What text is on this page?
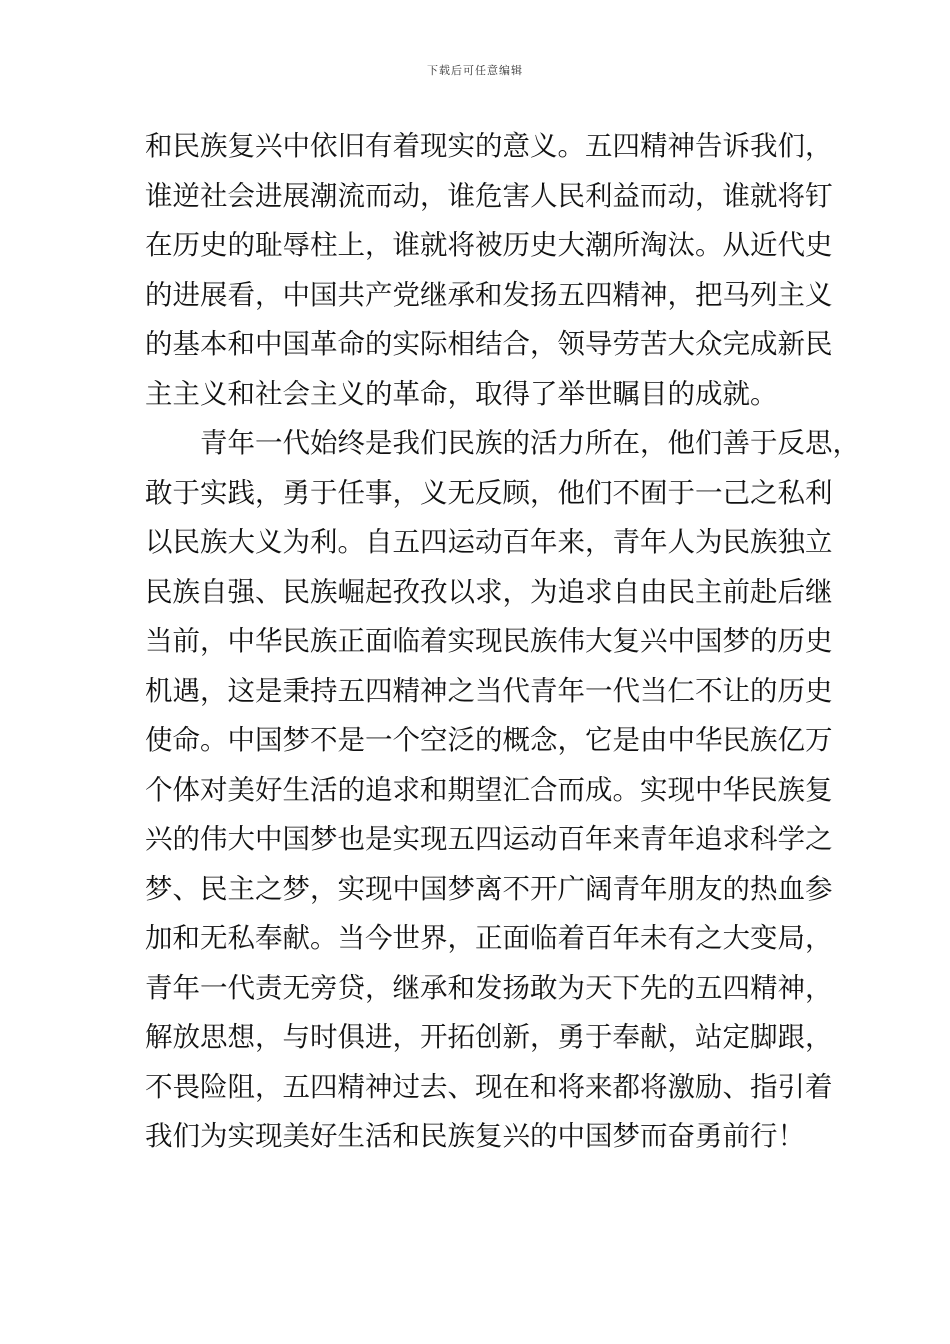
下载后可任意编辑
和民族复兴中依旧有着现实的意义。五四精神告诉我们，
谁逆社会进展潮流而动，谁危害人民利益而动，谁就将钉
在历史的耻辱柱上，谁就将被历史大潮所淘汰。从近代史
的进展看，中国共产党继承和发扬五四精神，把马列主义
的基本和中国革命的实际相结合，领导劳苦大众完成新民
主主义和社会主义的革命，取得了举世瞩目的成就。
青年一代始终是我们民族的活力所在，他们善于反思，
敢于实践，勇于任事，义无反顾，他们不囿于一己之私利
以民族大义为利。自五四运动百年来，青年人为民族独立
民族自强、民族崛起孜孜以求，为追求自由民主前赴后继
当前，中华民族正面临着实现民族伟大复兴中国梦的历史
机遇，这是秉持五四精神之当代青年一代当仁不让的历史
使命。中国梦不是一个空泛的概念，它是由中华民族亿万
个体对美好生活的追求和期望汇合而成。实现中华民族复
兴的伟大中国梦也是实现五四运动百年来青年追求科学之
梦、民主之梦，实现中国梦离不开广阔青年朋友的热血参
加和无私奉献。当今世界，正面临着百年未有之大变局，
青年一代责无旁贷，继承和发扬敢为天下先的五四精神，
解放思想，与时俱进，开拓创新，勇于奉献，站定脚跟，
不畏险阻，五四精神过去、现在和将来都将激励、指引着
我们为实现美好生活和民族复兴的中国梦而奋勇前行！
